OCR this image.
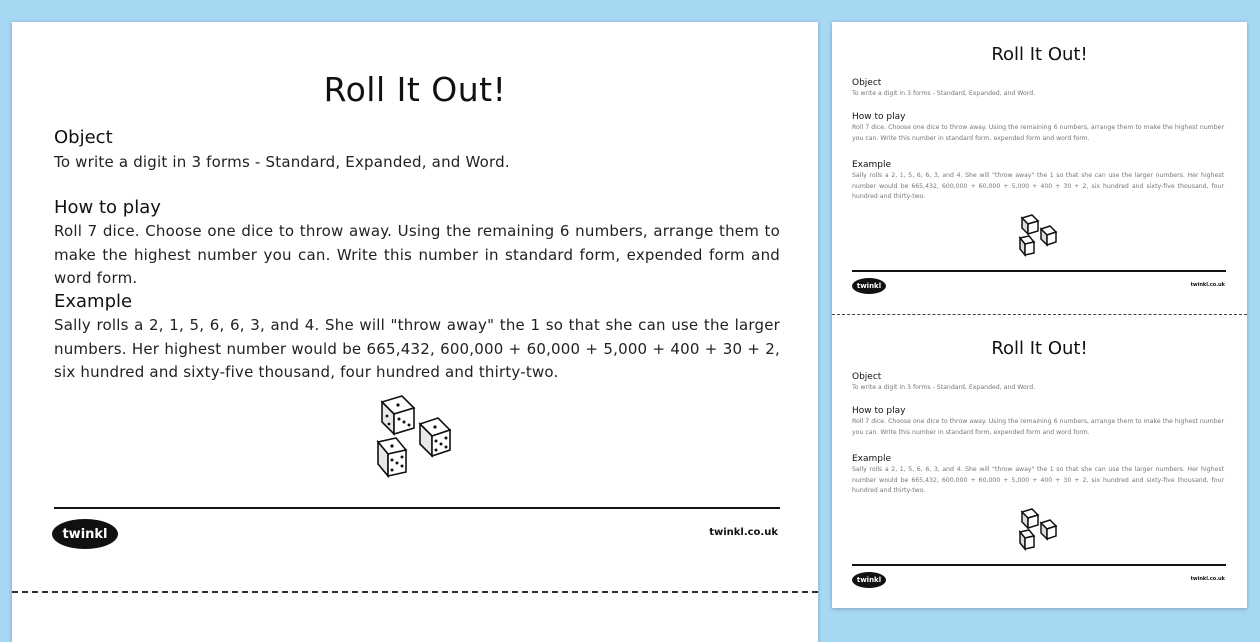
Roll It Out!
Object
To write a digit in 3 forms - Standard, Expanded, and Word.
How to play
Roll 7 dice. Choose one dice to throw away. Using the remaining 6 numbers, arrange them to make the highest number you can. Write this number in standard form, expended form and word form.
Example
Sally rolls a 2, 1, 5, 6, 6, 3, and 4. She will "throw away" the 1 so that she can use the larger numbers. Her highest number would be 665,432, 600,000 + 60,000 + 5,000 + 400 + 30 + 2, six hundred and sixty-five thousand, four hundred and thirty-two.
twinkl	twinkl.co.uk
Roll It Out!
Object
To write a digit in 3 forms - Standard, Expanded, and Word.
How to play
Roll 7 dice. Choose one dice to throw away. Using the remaining 6 numbers, arrange them to make the highest number you can. Write this number in standard form, expended form and word form.
Example
Sally rolls a 2, 1, 5, 6, 6, 3, and 4. She will "throw away" the 1 so that she can use the larger numbers. Her highest number would be 665,432, 600,000 + 60,000 + 5,000 + 400 + 30 + 2, six hundred and sixty-five thousand, four hundred and thirty-two.
twinkl	twinkl.co.uk
Roll It Out!
Object
To write a digit in 3 forms - Standard, Expanded, and Word.
How to play
Roll 7 dice. Choose one dice to throw away. Using the remaining 6 numbers, arrange them to make the highest number you can. Write this number in standard form, expended form and word form.
Example
Sally rolls a 2, 1, 5, 6, 6, 3, and 4. She will "throw away" the 1 so that she can use the larger numbers. Her highest number would be 665,432, 600,000 + 60,000 + 5,000 + 400 + 30 + 2, six hundred and sixty-five thousand, four hundred and thirty-two.
twinkl	twinkl.co.uk
